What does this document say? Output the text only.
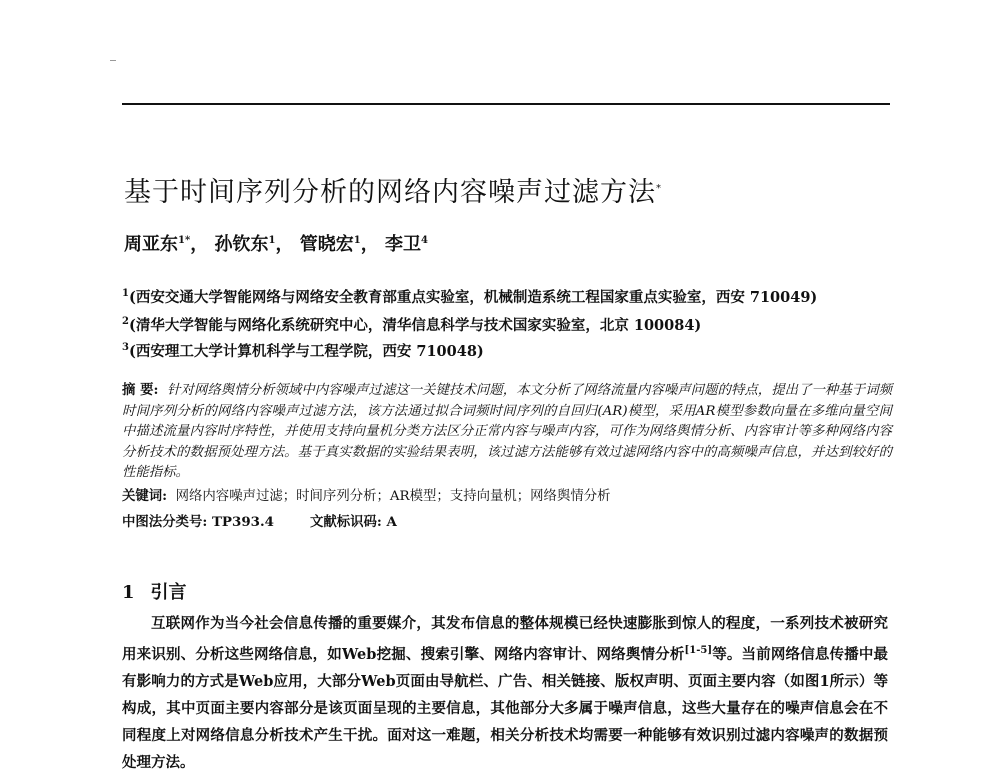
基于时间序列分析的网络内容噪声过滤方法*
周亚东$^{1*}$， 孙钦东$^1$， 管晓宏$^1$， 李卫$^4$
$^1$(西安交通大学智能网络与网络安全教育部重点实验室，机械制造系统工程国家重点实验室，西安 710049)
$^2$(清华大学智能与网络化系统研究中心，清华信息科学与技术国家实验室，北京 100084)
$^3$(西安理工大学计算机科学与工程学院，西安 710048)
摘 要: 针对网络舆情分析领域中内容噪声过滤这一关键技术问题，本文分析了网络流量内容噪声问题的特点，提出了一种基于词频时间序列分析的网络内容噪声过滤方法，该方法通过拟合词频时间序列的自回归(AR)模型，采用AR模型参数向量在多维向量空间中描述流量内容时序特性，并使用支持向量机分类方法区分正常内容与噪声内容，可作为网络舆情分析、内容审计等多种网络内容分析技术的数据预处理方法。基于真实数据的实验结果表明，该过滤方法能够有效过滤网络内容中的高频噪声信息，并达到较好的性能指标。
关键词: 网络内容噪声过滤；时间序列分析；AR模型；支持向量机；网络舆情分析
中图法分类号: TP393.4	文献标识码: A
1 引言
互联网作为当今社会信息传播的重要媒介，其发布信息的整体规模已经快速膨胀到惊人的程度，一系列技术被研究用来识别、分析这些网络信息，如Web挖掘、搜索引擎、网络内容审计、网络舆情分析[1-5]等。当前网络信息传播中最有影响力的方式是Web应用，大部分Web页面由导航栏、广告、相关链接、版权声明、页面主要内容（如图1所示）等构成，其中页面主要内容部分是该页面呈现的主要信息，其他部分大多属于噪声信息，这些大量存在的噪声信息会在不同程度上对网络信息分析技术产生干扰。面对这一难题，相关分析技术均需要一种能够有效识别过滤内容噪声的数据预处理方法。
